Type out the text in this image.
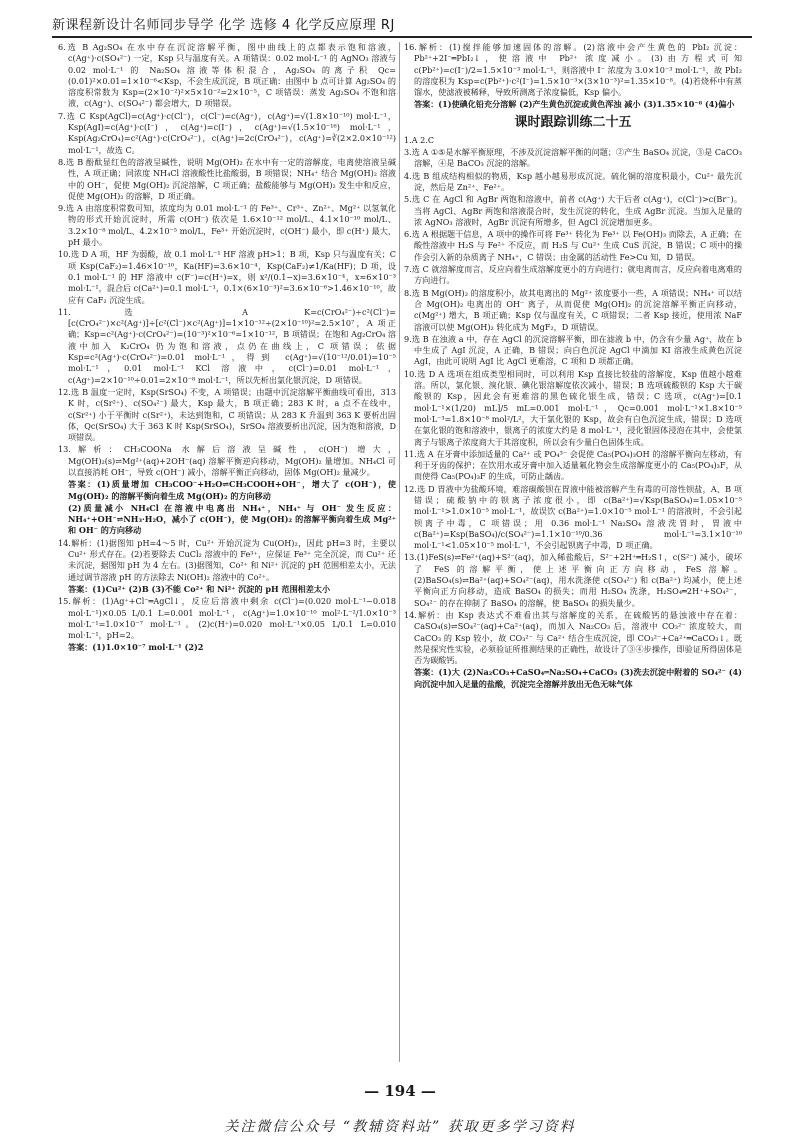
新课程新设计名师同步导学 化学 选修 4 化学反应原理 RJ

6.选 B Ag₂SO₄ 在水中存在沉淀溶解平衡，图中曲线上的点都表示饱和溶液，c(Ag⁺)·c(SO₄²⁻) 一定，Ksp 只与温度有关。A 项错误：0.02 mol·L⁻¹ 的 AgNO₃ 溶液与 0.02 mol·L⁻¹ 的 Na₂SO₄ 溶液等体积混合，Ag₂SO₄ 的离子积 Qc=(0.01)²×0.01=1×10⁻⁶<Ksp，不会生成沉淀，B 项正确：由图中 b 点可计算 Ag₂SO₄ 的溶度积常数为 Ksp=(2×10⁻²)²×5×10⁻²=2×10⁻⁵，C 项错误：蒸发 Ag₂SO₄ 不饱和溶液，c(Ag⁺)、c(SO₄²⁻) 都会增大，D 项错误。

7.选 C Ksp(AgCl)=c(Ag⁺)·c(Cl⁻)，c(Cl⁻)=c(Ag⁺)，c(Ag⁺)=√(1.8×10⁻¹⁰) mol·L⁻¹，Ksp(AgI)=c(Ag⁺)·c(I⁻)，c(Ag⁺)=c(I⁻)，c(Ag⁺)=√(1.5×10⁻¹⁶) mol·L⁻¹，Ksp(Ag₂CrO₄)=c²(Ag⁺)·c(CrO₄²⁻)，c(Ag⁺)=2c(CrO₄²⁻)，c(Ag⁺)=∛(2×2.0×10⁻¹²) mol·L⁻¹，故选 C。

8.选 B 酚酞显红色的溶液呈碱性，说明 Mg(OH)₂ 在水中有一定的溶解度，电离使溶液呈碱性，A 项正确；同浓度 NH₄Cl 溶液酸性比盐酸弱，B 项错误；NH₄⁺ 结合 Mg(OH)₂ 溶液中的 OH⁻，促使 Mg(OH)₂ 沉淀溶解，C 项正确；盐酸能够与 Mg(OH)₂ 发生中和反应，促使 Mg(OH)₂ 的溶解，D 项正确。

9.选 A 由溶度积常数可知，浓度均为 0.01 mol·L⁻¹ 的 Fe³⁺、Cr³⁺、Zn²⁺、Mg²⁺ 以氢氧化物的形式开始沉淀时，所需 c(OH⁻) 依次是 1.6×10⁻¹² mol/L、4.1×10⁻¹⁰ mol/L、3.2×10⁻⁸ mol/L、4.2×10⁻⁵ mol/L，Fe³⁺ 开始沉淀时，c(OH⁻) 最小，即 c(H⁺) 最大，pH 最小。

10.选 D A 项，HF 为弱酸，故 0.1 mol·L⁻¹ HF 溶液 pH>1；B 项，Ksp 只与温度有关；C 项 Ksp(CaF₂)=1.46×10⁻¹⁰，Ka(HF)=3.6×10⁻⁴，Ksp(CaF₂)≠1/Ka(HF)；D 项，设 0.1 mol·L⁻¹ 的 HF 溶液中 c(F⁻)=c(H⁺)=x，则 x²/(0.1−x)=3.6×10⁻⁴，x≈6×10⁻³ mol·L⁻¹，混合后 c(Ca²⁺)=0.1 mol·L⁻¹，0.1×(6×10⁻³)²=3.6×10⁻⁶>1.46×10⁻¹⁰，故应有 CaF₂ 沉淀生成。

11.选 A K=c(CrO₄²⁻)÷c²(Cl⁻)=[c(CrO₄²⁻)×c²(Ag⁺)]÷[c²(Cl⁻)×c²(Ag⁺)]=1×10⁻¹²÷(2×10⁻¹⁰)²=2.5×10⁷，A 项正确；Ksp=c²(Ag⁺)·c(CrO₄²⁻)=(10⁻³)²×10⁻⁶=1×10⁻¹²，B 项错误；在饱和 Ag₂CrO₄ 溶液中加入 K₂CrO₄ 仍为饱和溶液，点仍在曲线上，C 项错误；依据 Ksp=c²(Ag⁺)·c(CrO₄²⁻)=0.01 mol·L⁻¹，得到 c(Ag⁺)=√(10⁻¹²/0.01)=10⁻⁵ mol·L⁻¹，0.01 mol·L⁻¹ KCl 溶液中，c(Cl⁻)=0.01 mol·L⁻¹，c(Ag⁺)=2×10⁻¹⁰÷0.01=2×10⁻⁸ mol·L⁻¹，所以先析出氯化银沉淀，D 项错误。

12.选 B 温度一定时，Ksp(SrSO₄) 不变，A 项错误；由题中沉淀溶解平衡曲线可看出，313 K 时，c(Sr²⁺)、c(SO₄²⁻) 最大，Ksp 最大，B 项正确；283 K 时，a 点不在线中，c(Sr²⁺) 小于平衡时 c(Sr²⁺)，未达到饱和，C 项错误；从 283 K 升温到 363 K 要析出固体，Qc(SrSO₄) 大于 363 K 时 Ksp(SrSO₄)，SrSO₄ 溶液要析出沉淀，因为饱和溶液，D 项错误。

13.解析：CH₃COONa 水解后溶液呈碱性，c(OH⁻) 增大，Mg(OH)₂(s)⇌Mg²⁺(aq)+2OH⁻(aq) 溶解平衡逆向移动，Mg(OH)₂ 量增加。NH₄Cl 可以直接消耗 OH⁻，导致 c(OH⁻) 减小，溶解平衡正向移动，固体 Mg(OH)₂ 量减少。

答案：(1)质量增加 CH₃COO⁻+H₂O⇌CH₃COOH+OH⁻，增大了 c(OH⁻)，使 Mg(OH)₂ 的溶解平衡向着生成 Mg(OH)₂ 的方向移动

(2)质量减小 NH₄Cl 在溶液中电离出 NH₄⁺，NH₄⁺ 与 OH⁻ 发生反应：NH₄⁺+OH⁻⇌NH₃·H₂O，减小了 c(OH⁻)，使 Mg(OH)₂ 的溶解平衡向着生成 Mg²⁺ 和 OH⁻ 的方向移动

14.解析：(1)据图知 pH=4～5 时，Cu²⁺ 开始沉淀为 Cu(OH)₂，因此 pH=3 时，主要以 Cu²⁺ 形式存在。(2)若要除去 CuCl₂ 溶液中的 Fe³⁺，应保证 Fe³⁺ 完全沉淀，而 Cu²⁺ 还未沉淀，据图知 pH 为 4 左右。(3)据图知，Co²⁺ 和 Ni²⁺ 沉淀的 pH 范围相差太小，无法通过调节溶液 pH 的方法除去 Ni(OH)₂ 溶液中的 Co²⁺。

答案：(1)Cu²⁺ (2)B (3)不能 Co²⁺ 和 Ni²⁺ 沉淀的 pH 范围相差太小

15.解析：(1)Ag⁺+Cl⁻═AgCl↓，反应后溶液中剩余 c(Cl⁻)=(0.020 mol·L⁻¹−0.018 mol·L⁻¹)×0.05 L/0.1 L=0.001 mol·L⁻¹，c(Ag⁺)=1.0×10⁻¹⁰ mol²·L⁻²/1.0×10⁻³ mol·L⁻¹=1.0×10⁻⁷ mol·L⁻¹。(2)c(H⁺)=0.020 mol·L⁻¹×0.05 L/0.1 L=0.010 mol·L⁻¹，pH=2。

答案：(1)1.0×10⁻⁷ mol·L⁻¹ (2)2

16.解析：(1)搅拌能够加速固体的溶解。(2)溶液中会产生黄色的 PbI₂ 沉淀：Pb²⁺+2I⁻═PbI₂↓，使溶液中 Pb²⁺ 浓度减小。(3)由方程式可知 c(Pb²⁺)=c(I⁻)/2=1.5×10⁻³ mol·L⁻¹，则溶液中 I⁻ 浓度为 3.0×10⁻³ mol·L⁻¹，故 PbI₂ 的溶度积为 Ksp=c(Pb²⁺)·c²(I⁻)=1.5×10⁻³×(3×10⁻³)²=1.35×10⁻⁸。(4)若烧杯中有蒸馏水，使滤液被稀释，导致所测离子浓度偏低，Ksp 偏小。

答案：(1)使碘化铅充分溶解 (2)产生黄色沉淀或黄色浑浊 减小 (3)1.35×10⁻⁸ (4)偏小

课时跟踪训练二十五

1.A 2.C

3.选 A ①⑤是水解平衡原理，不涉及沉淀溶解平衡的问题；②产生 BaSO₄ 沉淀，③是 CaCO₃ 溶解，④是 BaCO₃ 沉淀的溶解。

4.选 B 组成结构相似的物质，Ksp 越小越易形成沉淀。硫化铜的溶度积最小，Cu²⁺ 最先沉淀，然后是 Zn²⁺、Fe²⁺。

5.选 C 在 AgCl 和 AgBr 两饱和溶液中，前者 c(Ag⁺) 大于后者 c(Ag⁺)，c(Cl⁻)>c(Br⁻)。当将 AgCl、AgBr 两饱和溶液混合时，发生沉淀的转化，生成 AgBr 沉淀。当加入足量的浓 AgNO₃ 溶液时，AgBr 沉淀有所增多，但 AgCl 沉淀增加更多。

6.选 A 根据题干信息，A 项中的操作可将 Fe³⁺ 转化为 Fe³⁺ 以 Fe(OH)₃ 而除去，A 正确；在酸性溶液中 H₂S 与 Fe²⁺ 不反应，而 H₂S 与 Cu²⁺ 生成 CuS 沉淀，B 错误；C 项中的操作会引入新的杂质离子 NH₄⁺，C 错误；由金属的活动性 Fe>Cu 知，D 错误。

7.选 C 就溶解度而言，反应向着生成溶解度更小的方向进行；就电离而言，反应向着电离难的方向进行。

8.选 B Mg(OH)₂ 的溶度积小，故其电离出的 Mg²⁺ 浓度要小一些，A 项错误；NH₄⁺ 可以结合 Mg(OH)₂ 电离出的 OH⁻ 离子，从而促使 Mg(OH)₂ 的沉淀溶解平衡正向移动，c(Mg²⁺) 增大，B 项正确；Ksp 仅与温度有关，C 项错误；二者 Ksp 接近，使用浓 NaF 溶液可以使 Mg(OH)₂ 转化成为 MgF₂，D 项错误。

9.选 B 在浊液 a 中，存在 AgCl 的沉淀溶解平衡，即在滤液 b 中，仍含有少量 Ag⁺，故在 b 中生成了 AgI 沉淀，A 正确，B 错误；向白色沉淀 AgCl 中滴加 KI 溶液生成黄色沉淀 AgI，由此可说明 AgI 比 AgCl 更难溶，C 项和 D 项都正确。

10.选 D A 选项在组成类型相同时，可以利用 Ksp 直接比较盐的溶解度，Ksp 值越小越难溶。所以，氯化银、溴化银、碘化银溶解度依次减小，错误；B 选项硫酸钡的 Ksp 大于碳酸钡的 Ksp，因此会有更难溶的黑色硫化银生成，错误；C 选项，c(Ag⁺)=[0.1 mol·L⁻¹×(1/20) mL]/5 mL=0.001 mol·L⁻¹，Qc=0.001 mol·L⁻¹×1.8×10⁻⁵ mol·L⁻³=1.8×10⁻⁸ mol²/L²，大于氯化银的 Ksp，故会有白色沉淀生成，错误；D 选项在氯化银的饱和溶液中，银离子的浓度大约是 8 mol·L⁻¹，浸化银固体浸泡在其中，会使氯离子与银离子浓度商大于其溶度积，所以会有少量白色固体生成。

11.选 A 在牙膏中添加适量的 Ca²⁺ 或 PO₄³⁻ 会促使 Ca₅(PO₄)₃OH 的溶解平衡向左移动，有利于牙齿的保护；在饮用水或牙膏中加入适量氟化物会生成溶解度更小的 Ca₅(PO₄)₃F，从而使得 Ca₅(PO₄)₃F 的生成，可防止龋齿。

12.选 D 胃液中为盐酸环境，难溶碳酸钡在胃液中能被溶解产生有毒的可溶性钡盐，A、B 项错误；硫酸钠中的钡离子浓度很小，即 c(Ba²⁺)=√Ksp(BaSO₄)=1.05×10⁻⁵ mol·L⁻¹>1.0×10⁻⁵ mol·L⁻¹，故误饮 c(Ba²⁺)=1.0×10⁻⁵ mol·L⁻¹ 的溶液时，不会引起钡离子中毒，C 项错误；用 0.36 mol·L⁻¹ Na₂SO₄ 溶液洗胃时，胃液中 c(Ba²⁺)=Ksp(BaSO₄)/c(SO₄²⁻)=1.1×10⁻¹⁰/0.36 mol·L⁻¹=3.1×10⁻¹⁰ mol·L⁻¹<1.05×10⁻⁵ mol·L⁻¹，不会引起钡离子中毒，D 项正确。

13.(1)FeS(s)⇌Fe²⁺(aq)+S²⁻(aq)，加入稀盐酸后，S²⁻+2H⁺═H₂S↑，c(S²⁻) 减小，破坏了 FeS 的溶解平衡，使上述平衡向正方向移动，FeS 溶解。(2)BaSO₄(s)⇌Ba²⁺(aq)+SO₄²⁻(aq)，用水洗涤使 c(SO₄²⁻) 和 c(Ba²⁺) 均减小，使上述平衡向正方向移动，造成 BaSO₄ 的损失；而用 H₂SO₄ 洗涤，H₂SO₄═2H⁺+SO₄²⁻，SO₄²⁻ 的存在抑制了 BaSO₄ 的溶解，使 BaSO₄ 的损失量少。

14.解析：由 Ksp 表达式不难看出其与溶解度的关系，在硫酸钙的悬浊液中存在着：CaSO₄(s)⇌SO₄²⁻(aq)+Ca²⁺(aq)，而加入 Na₂CO₃ 后，溶液中 CO₃²⁻ 浓度较大，而 CaCO₃ 的 Ksp 较小，故 CO₃²⁻ 与 Ca²⁺ 结合生成沉淀，即 CO₃²⁻+Ca²⁺═CaCO₃↓。既然是探究性实验，必须验证所推测结果的正确性，故设计了③④步操作，即验证所得固体是否为碳酸钙。

答案：(1)大 (2)Na₂CO₃+CaSO₄═Na₂SO₄+CaCO₃ (3)洗去沉淀中附着的 SO₄²⁻ (4)向沉淀中加入足量的盐酸，沉淀完全溶解并放出无色无味气体

— 194 —
关注微信公众号 “教辅资料站” 获取更多学习资料
